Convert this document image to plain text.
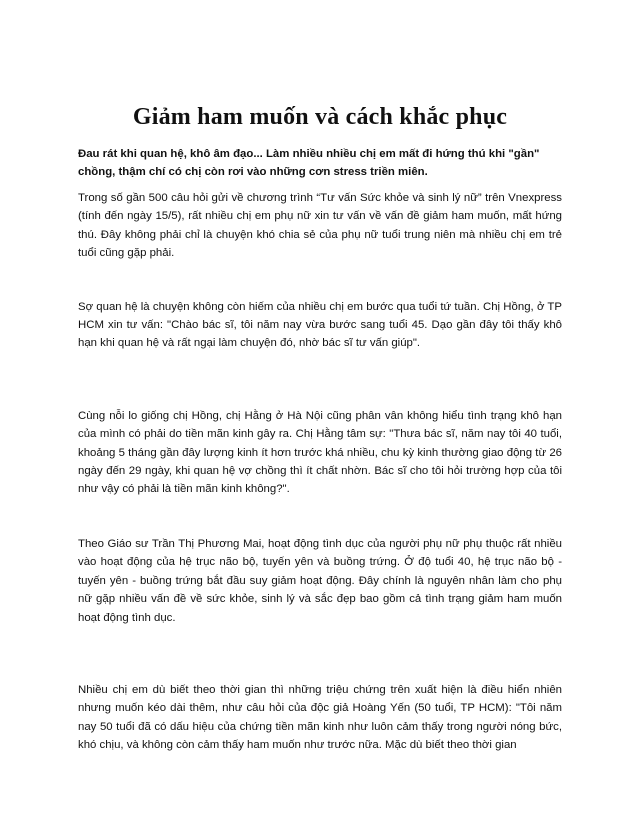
Giảm ham muốn và cách khắc phục

Đau rát khi quan hệ, khô âm đạo... Làm nhiều nhiều chị em mất đi hứng thú khi "gần" chồng, thậm chí có chị còn rơi vào những cơn stress triền miên.

Trong số gần 500 câu hỏi gửi về chương trình “Tư vấn Sức khỏe và sinh lý nữ” trên Vnexpress (tính đến ngày 15/5), rất nhiều chị em phụ nữ xin tư vấn về vấn đề giảm ham muốn, mất hứng thú. Đây không phải chỉ là chuyện khó chia sẻ của phụ nữ tuổi trung niên mà nhiều chị em trẻ tuổi cũng gặp phải.

Sợ quan hệ là chuyện không còn hiếm của nhiều chị em bước qua tuổi tứ tuần. Chị Hồng, ở TP HCM xin tư vấn: "Chào bác sĩ, tôi năm nay vừa bước sang tuổi 45. Dạo gần đây tôi thấy khô hạn khi quan hệ và rất ngại làm chuyện đó, nhờ bác sĩ tư vấn giúp".

Cùng nỗi lo giống chị Hồng, chị Hằng ở Hà Nội cũng phân vân không hiểu tình trạng khô hạn của mình có phải do tiền mãn kinh gây ra. Chị Hằng tâm sự: "Thưa bác sĩ, năm nay tôi 40 tuổi, khoảng 5 tháng gần đây lượng kinh ít hơn trước khá nhiều, chu kỳ kinh thường giao động từ 26 ngày đến 29 ngày, khi quan hệ vợ chồng thì ít chất nhờn. Bác sĩ cho tôi hỏi trường hợp của tôi như vậy có phải là tiền mãn kinh không?".

Theo Giáo sư Trần Thị Phương Mai, hoạt động tình dục của người phụ nữ phụ thuộc rất nhiều vào hoạt động của hệ trục não bộ, tuyến yên và buồng trứng. Ở độ tuổi 40, hệ trục não bộ - tuyến yên - buồng trứng bắt đầu suy giảm hoạt động. Đây chính là nguyên nhân làm cho phụ nữ gặp nhiều vấn đề về sức khỏe, sinh lý và sắc đẹp bao gồm cả tình trạng giảm ham muốn hoạt động tình dục.

Nhiều chị em dù biết theo thời gian thì những triệu chứng trên xuất hiện là điều hiển nhiên nhưng muốn kéo dài thêm, như câu hỏi của độc giả Hoàng Yến (50 tuổi, TP HCM): "Tôi năm nay 50 tuổi đã có dấu hiệu của chứng tiền mãn kinh như luôn cảm thấy trong người nóng bức, khó chịu, và không còn cảm thấy ham muốn như trước nữa. Mặc dù biết theo thời gian
